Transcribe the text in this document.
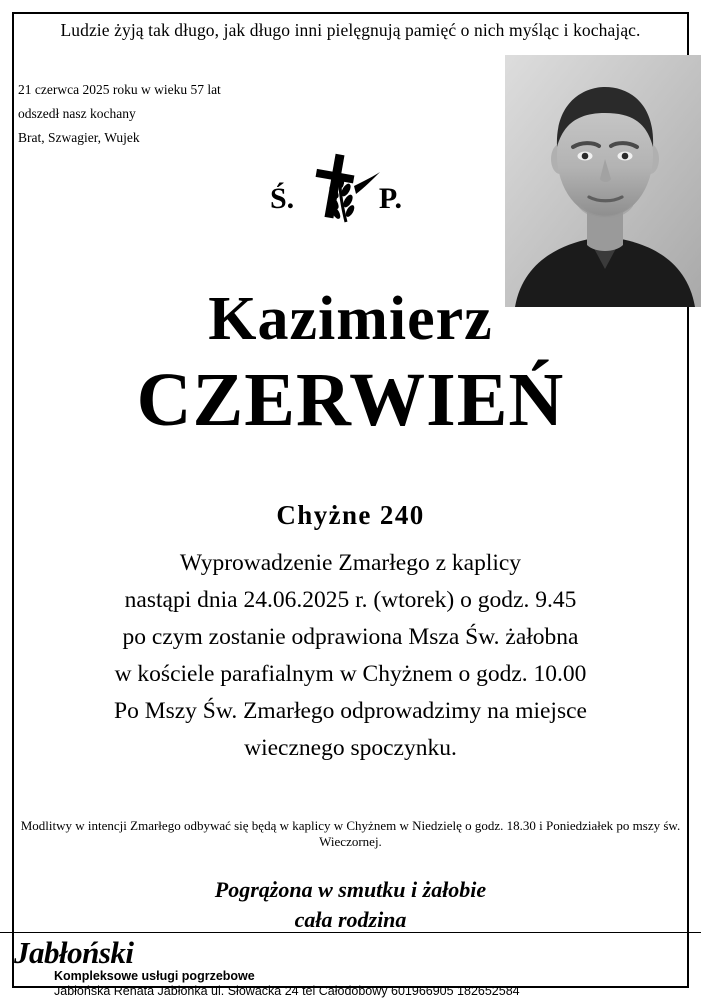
Ludzie żyją tak długo, jak długo inni pielęgnują pamięć o nich myśląc i kochając.
21 czerwca 2025 roku w wieku 57 lat
odszedł nasz kochany
Brat, Szwagier, Wujek
Ś.	P.
Kazimierz
CZERWIEŃ
Chyżne 240
Wyprowadzenie Zmarłego z kaplicy
nastąpi dnia 24.06.2025 r. (wtorek) o godz. 9.45
po czym zostanie odprawiona Msza Św. żałobna
w kościele parafialnym w Chyżnem o godz. 10.00
Po Mszy Św. Zmarłego odprowadzimy na miejsce
wiecznego spoczynku.
Modlitwy w intencji Zmarłego odbywać się będą w kaplicy w Chyżnem w Niedzielę o godz. 18.30 i Poniedziałek po mszy św. Wieczornej.
Pogrążona w smutku i żałobie
cała rodzina
Jabłoński
Kompleksowe usługi pogrzebowe
Jabłońska Renata Jabłonka ul. Słowacka 24 tel Całodobowy 601966905 182652584
